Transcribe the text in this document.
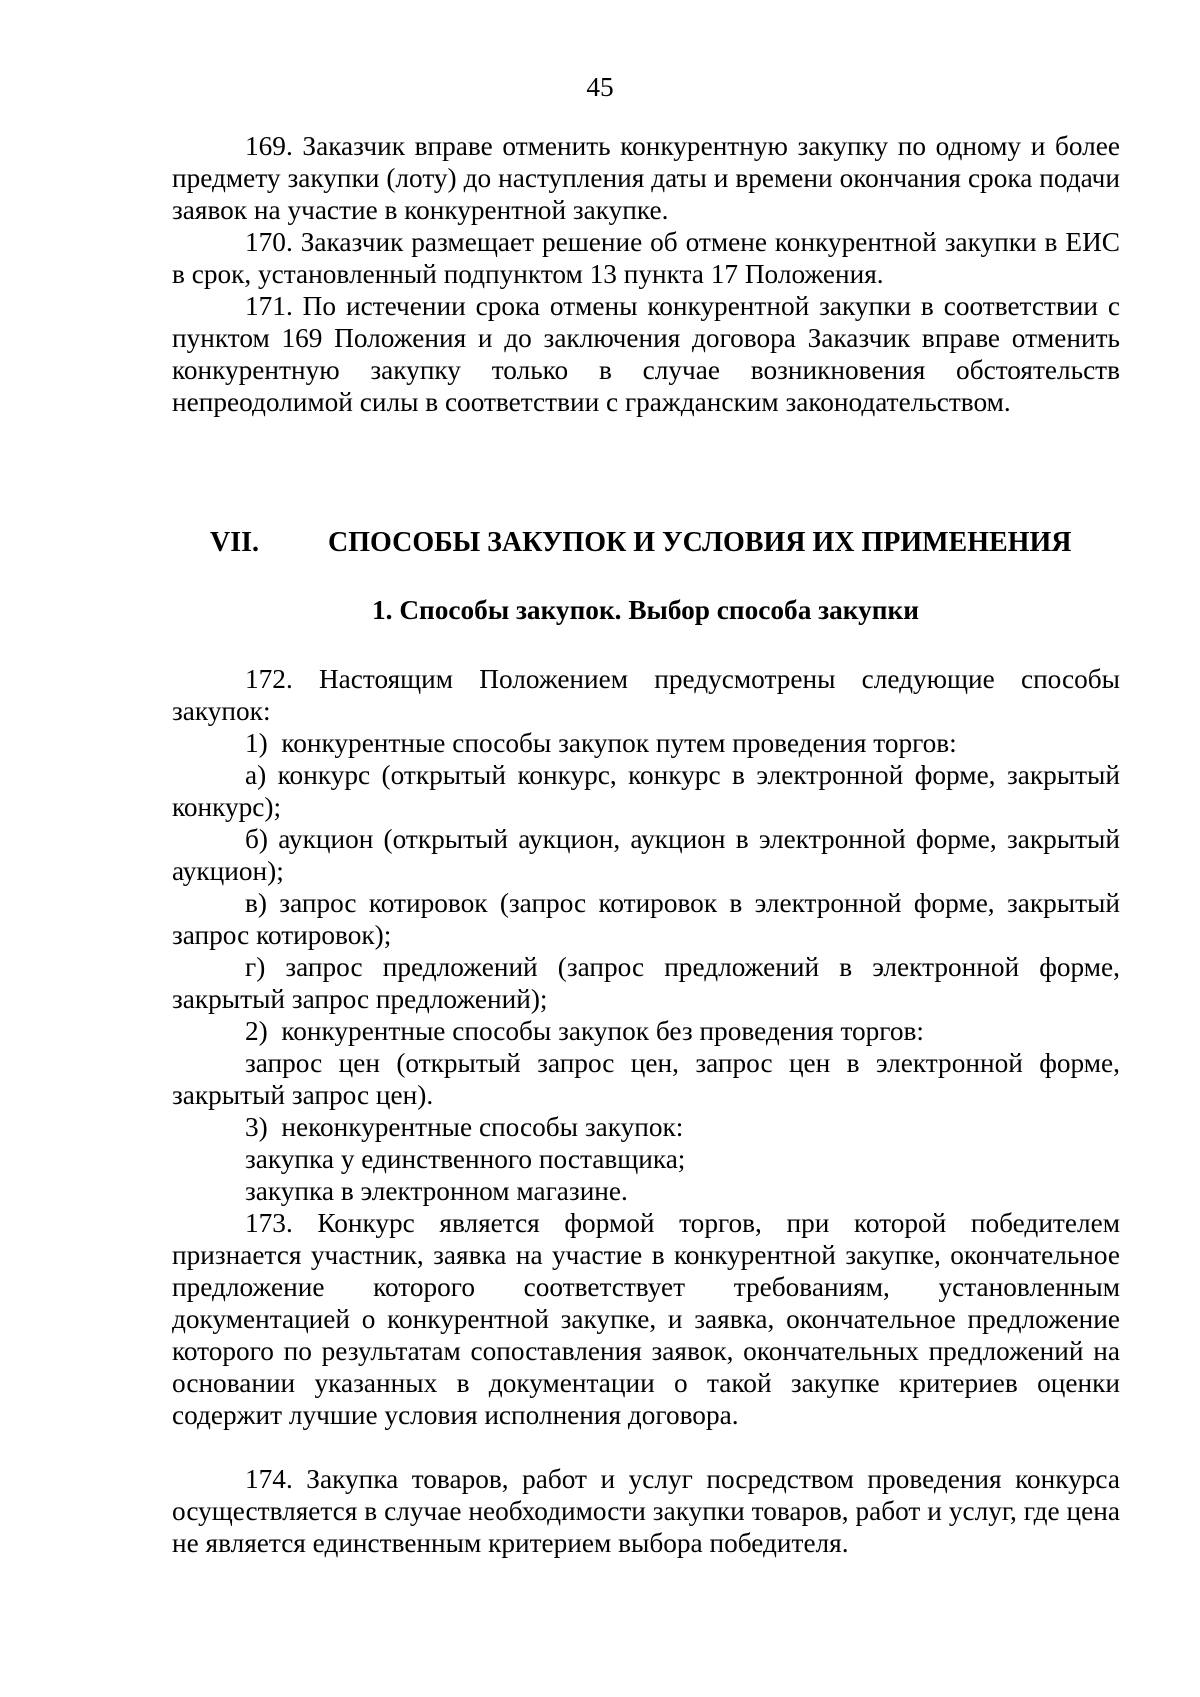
45

169. Заказчик вправе отменить конкурентную закупку по одному и более предмету закупки (лоту) до наступления даты и времени окончания срока подачи заявок на участие в конкурентной закупке.

170. Заказчик размещает решение об отмене конкурентной закупки в ЕИС в срок, установленный подпунктом 13 пункта 17 Положения.

171. По истечении срока отмены конкурентной закупки в соответствии с пунктом 169 Положения и до заключения договора Заказчик вправе отменить конкурентную закупку только в случае возникновения обстоятельств непреодолимой силы в соответствии с гражданским законодательством.

VII. СПОСОБЫ ЗАКУПОК И УСЛОВИЯ ИХ ПРИМЕНЕНИЯ
1. Способы закупок. Выбор способа закупки

172. Настоящим Положением предусмотрены следующие способы закупок:

1)  конкурентные способы закупок путем проведения торгов:

а) конкурс (открытый конкурс, конкурс в электронной форме, закрытый конкурс);

б) аукцион (открытый аукцион, аукцион в электронной форме, закрытый аукцион);

в) запрос котировок (запрос котировок в электронной форме, закрытый запрос котировок);

г) запрос предложений (запрос предложений в электронной форме, закрытый запрос предложений);

2)  конкурентные способы закупок без проведения торгов:

запрос цен (открытый запрос цен, запрос цен в электронной форме, закрытый запрос цен).

3)  неконкурентные способы закупок:
закупка у единственного поставщика;
закупка в электронном магазине.

173. Конкурс является формой торгов, при которой победителем признается участник, заявка на участие в конкурентной закупке, окончательное предложение которого соответствует требованиям, установленным документацией о конкурентной закупке, и заявка, окончательное предложение которого по результатам сопоставления заявок, окончательных предложений на основании указанных в документации о такой закупке критериев оценки содержит лучшие условия исполнения договора.

174. Закупка товаров, работ и услуг посредством проведения конкурса осуществляется в случае необходимости закупки товаров, работ и услуг, где цена не является единственным критерием выбора победителя.
